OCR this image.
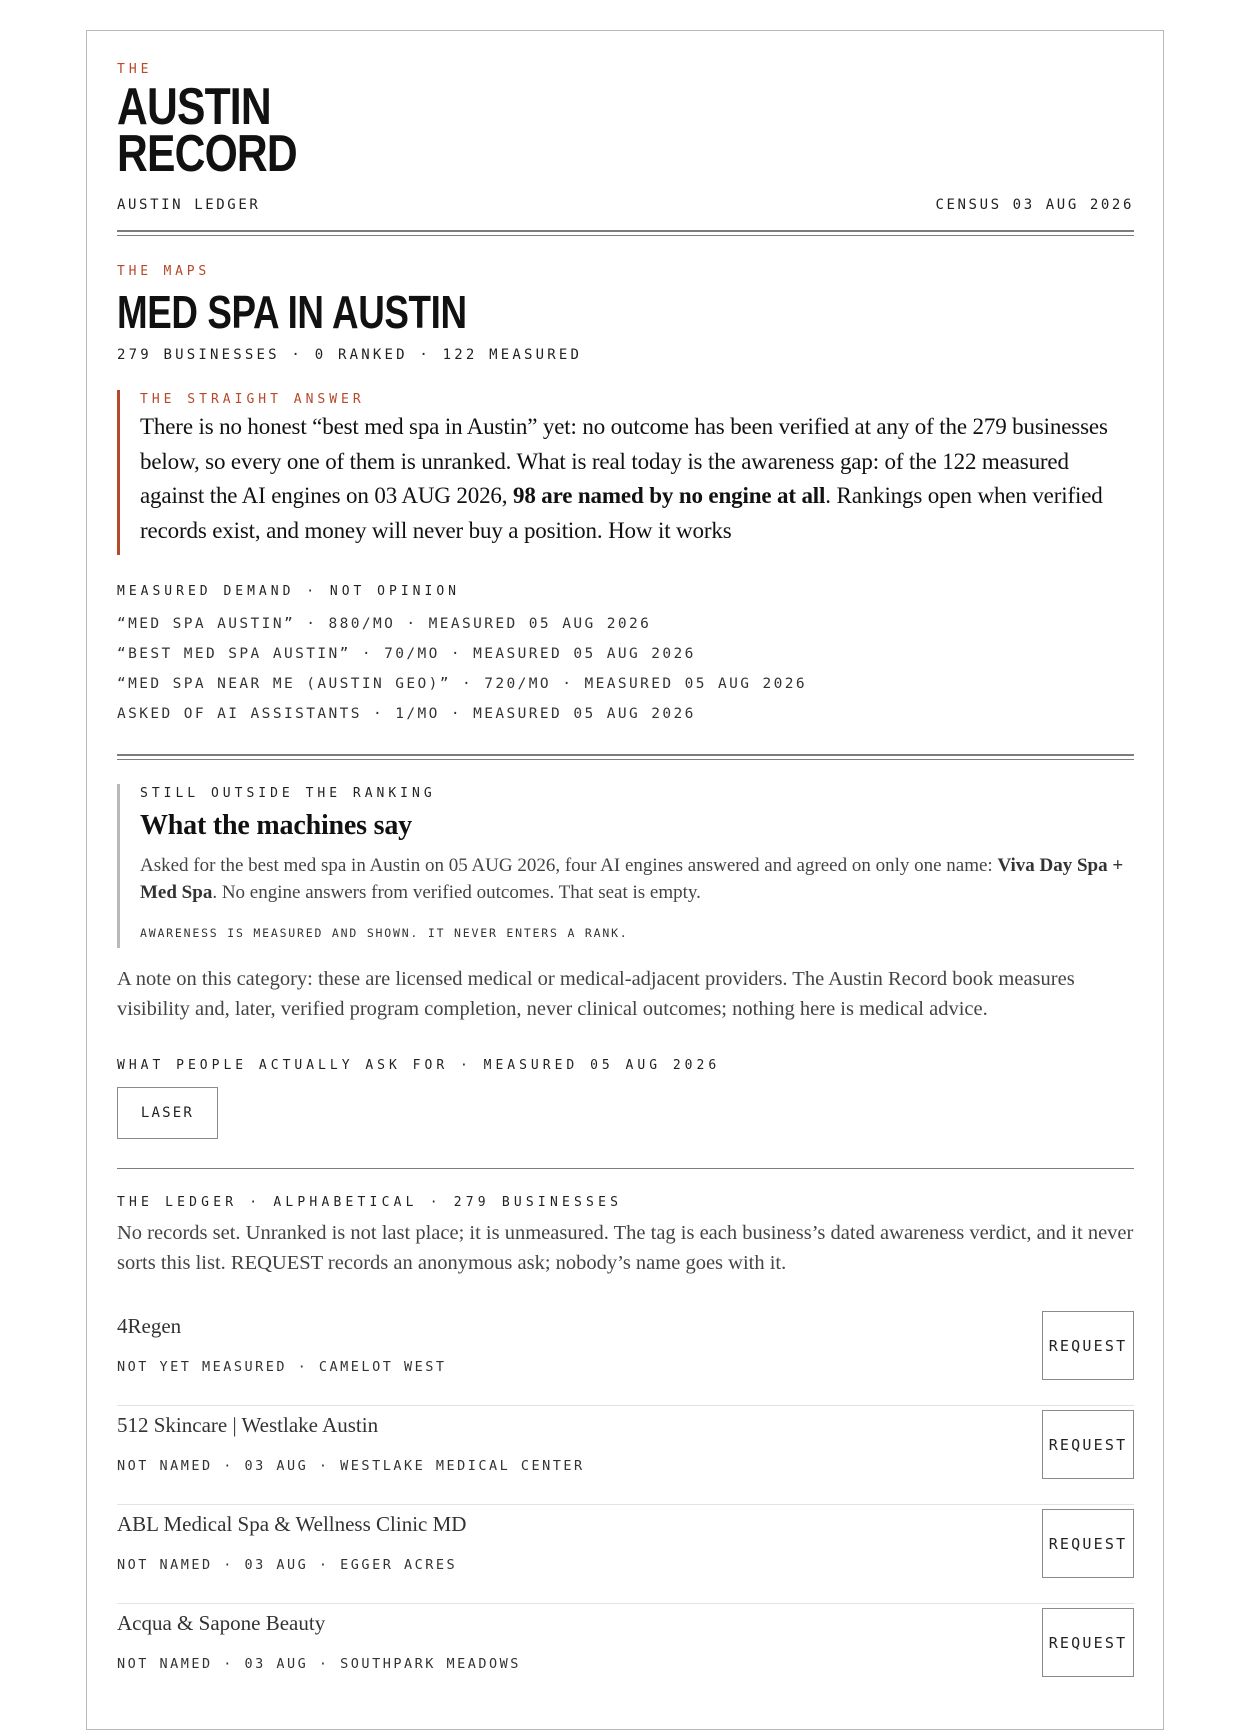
THE
AUSTIN
RECORD
AUSTIN LEDGER	CENSUS 03 AUG 2026
THE MAPS
MED SPA IN AUSTIN
279 BUSINESSES · 0 RANKED · 122 MEASURED
THE STRAIGHT ANSWER
There is no honest “best med spa in Austin” yet: no outcome has been verified at any of the 279 businesses below, so every one of them is unranked. What is real today is the awareness gap: of the 122 measured against the AI engines on 03 AUG 2026, 98 are named by no engine at all. Rankings open when verified records exist, and money will never buy a position. How it works
MEASURED DEMAND · NOT OPINION
“MED SPA AUSTIN” · 880/MO · MEASURED 05 AUG 2026
“BEST MED SPA AUSTIN” · 70/MO · MEASURED 05 AUG 2026
“MED SPA NEAR ME (AUSTIN GEO)” · 720/MO · MEASURED 05 AUG 2026
ASKED OF AI ASSISTANTS · 1/MO · MEASURED 05 AUG 2026
STILL OUTSIDE THE RANKING
What the machines say
Asked for the best med spa in Austin on 05 AUG 2026, four AI engines answered and agreed on only one name: Viva Day Spa + Med Spa. No engine answers from verified outcomes. That seat is empty.
AWARENESS IS MEASURED AND SHOWN. IT NEVER ENTERS A RANK.
A note on this category: these are licensed medical or medical-adjacent providers. The Austin Record book measures visibility and, later, verified program completion, never clinical outcomes; nothing here is medical advice.
WHAT PEOPLE ACTUALLY ASK FOR · MEASURED 05 AUG 2026
LASER
THE LEDGER · ALPHABETICAL · 279 BUSINESSES
No records set. Unranked is not last place; it is unmeasured. The tag is each business’s dated awareness verdict, and it never sorts this list. REQUEST records an anonymous ask; nobody’s name goes with it.
4Regen
NOT YET MEASURED · CAMELOT WEST
REQUEST
512 Skincare | Westlake Austin
NOT NAMED · 03 AUG · WESTLAKE MEDICAL CENTER
REQUEST
ABL Medical Spa & Wellness Clinic MD
NOT NAMED · 03 AUG · EGGER ACRES
REQUEST
Acqua & Sapone Beauty
NOT NAMED · 03 AUG · SOUTHPARK MEADOWS
REQUEST
